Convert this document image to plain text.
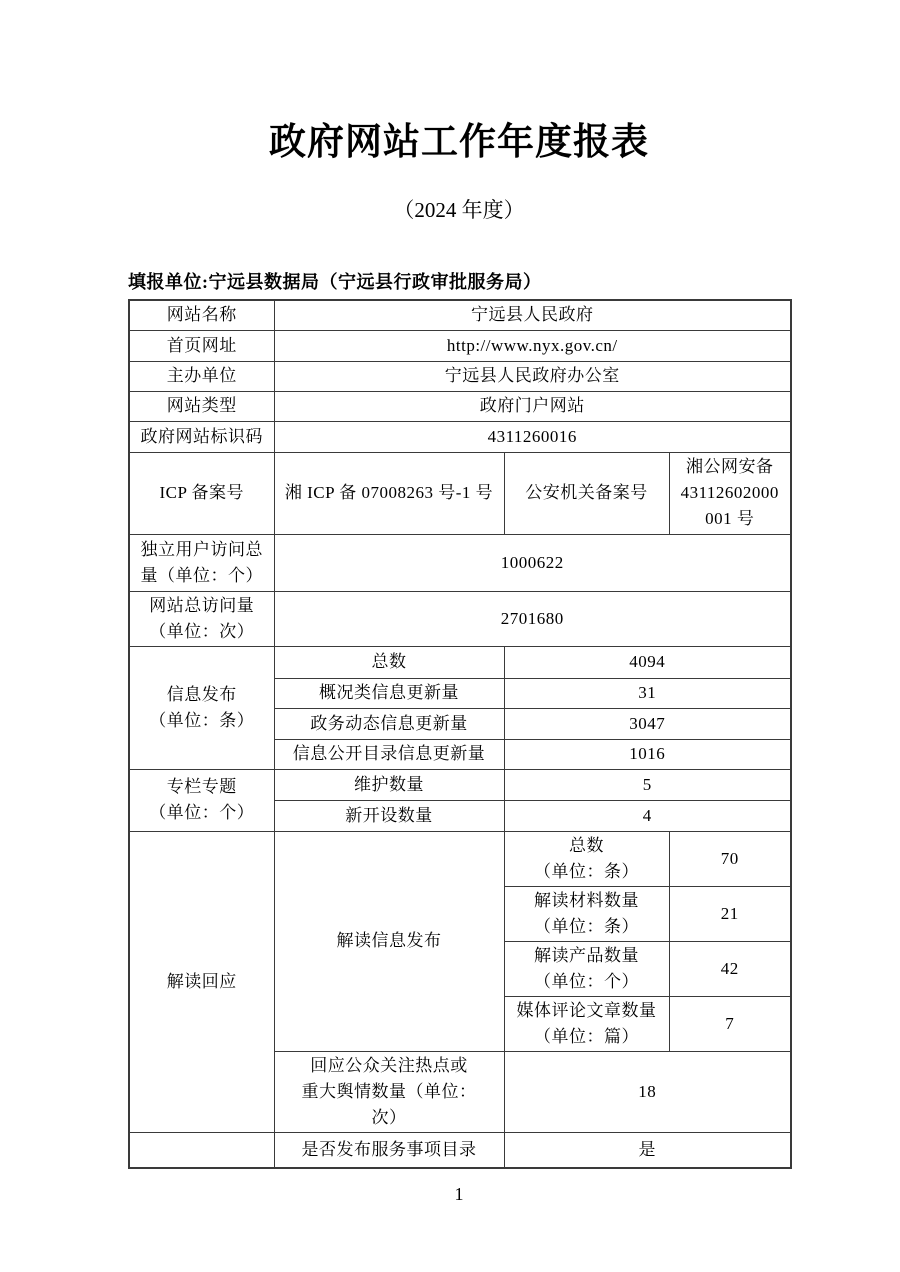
政府网站工作年度报表
（2024 年度）
填报单位:宁远县数据局（宁远县行政审批服务局）
网站名称	宁远县人民政府		
首页网址	http://www.nyx.gov.cn/		
主办单位	宁远县人民政府办公室		
网站类型	政府门户网站		
政府网站标识码	4311260016		
ICP 备案号	湘 ICP 备 07008263 号-1 号	公安机关备案号	湘公网安备
43112602000
001 号

独立用户访问总
量（单位：个）	1000622		

网站总访问量
（单位：次）	2701680		

信息发布
（单位：条）	总数	4094	
	概况类信息更新量	31	
	政务动态信息更新量	3047	
	信息公开目录信息更新量	1016	

专栏专题
（单位：个）	维护数量	5	
	新开设数量	4	
解读回应	解读信息发布	总数
（单位：条）	70

		解读材料数量
（单位：条）	21

		解读产品数量
（单位：个）	42

		媒体评论文章数量
（单位：篇）	7

	回应公众关注热点或
重大舆情数量（单位：
次）	18	
	是否发布服务事项目录	是	
1
